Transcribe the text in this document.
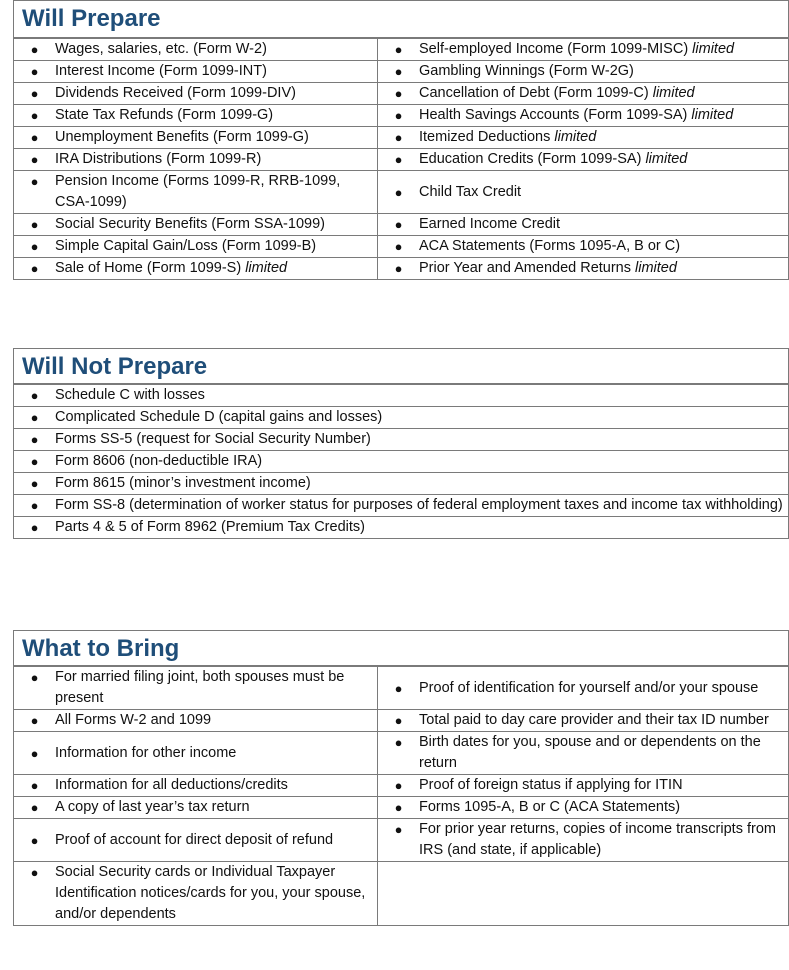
Will Prepare
● Wages, salaries, etc. (Form W-2)	● Self-employed Income (Form 1099-MISC) limited

● Interest Income (Form 1099-INT)	● Gambling Winnings (Form W-2G)

● Dividends Received (Form 1099-DIV)	● Cancellation of Debt (Form 1099-C) limited

● State Tax Refunds (Form 1099-G)	● Health Savings Accounts (Form 1099-SA) limited

● Unemployment Benefits (Form 1099-G)	● Itemized Deductions limited

● IRA Distributions (Form 1099-R)	● Education Credits (Form 1099-SA) limited

● Pension Income (Forms 1099-R, RRB-1099, CSA-1099)	● Child Tax Credit

● Social Security Benefits (Form SSA-1099)	● Earned Income Credit

● Simple Capital Gain/Loss (Form 1099-B)	● ACA Statements (Forms 1095-A, B or C)

● Sale of Home (Form 1099-S) limited	● Prior Year and Amended Returns limited
Will Not Prepare
●	Schedule C with losses

●	Complicated Schedule D (capital gains and losses)

●	Forms SS-5 (request for Social Security Number)

●	Form 8606 (non-deductible IRA)

●	Form 8615 (minor’s investment income)

●	Form SS-8 (determination of worker status for purposes of federal employment taxes and income tax withholding)

●	Parts 4 & 5 of Form 8962 (Premium Tax Credits)
What to Bring
● For married filing joint, both spouses must be present	● Proof of identification for yourself and/or your spouse

● All Forms W-2 and 1099	● Total paid to day care provider and their tax ID number

● Information for other income	● Birth dates for you, spouse and or dependents on the return

● Information for all deductions/credits	● Proof of foreign status if applying for ITIN

● A copy of last year’s tax return	● Forms 1095-A, B or C (ACA Statements)

● Proof of account for direct deposit of refund	● For prior year returns, copies of income transcripts from IRS (and state, if applicable)

● Social Security cards or Individual Taxpayer Identification notices/cards for you, your spouse, and/or dependents	
